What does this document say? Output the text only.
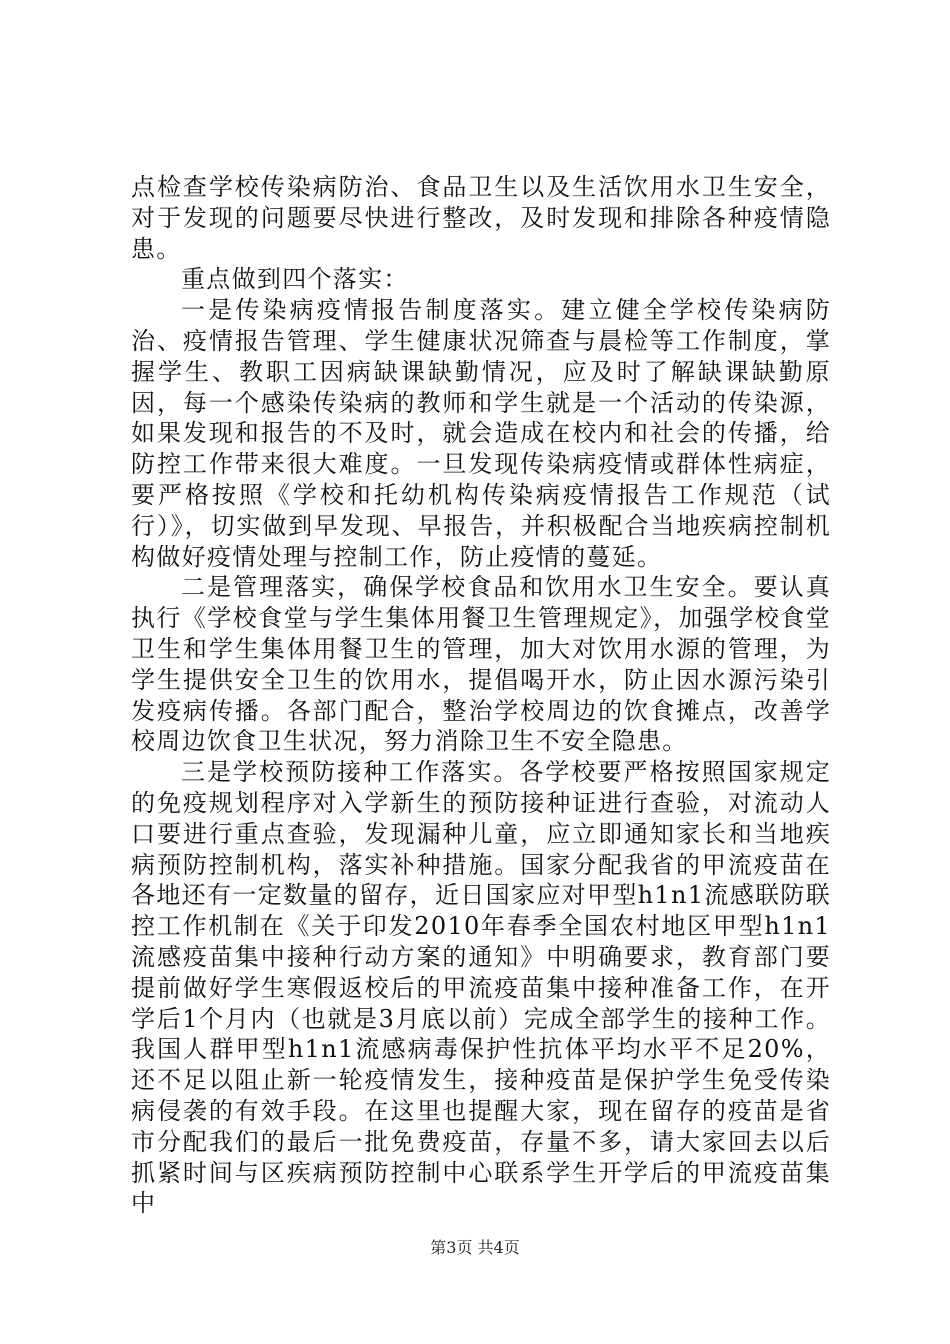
点检查学校传染病防治、食品卫生以及生活饮用水卫生安全，对于发现的问题要尽快进行整改，及时发现和排除各种疫情隐患。

重点做到四个落实：

一是传染病疫情报告制度落实。建立健全学校传染病防治、疫情报告管理、学生健康状况筛查与晨检等工作制度，掌握学生、教职工因病缺课缺勤情况，应及时了解缺课缺勤原因，每一个感染传染病的教师和学生就是一个活动的传染源，如果发现和报告的不及时，就会造成在校内和社会的传播，给防控工作带来很大难度。一旦发现传染病疫情或群体性病症，要严格按照《学校和托幼机构传染病疫情报告工作规范（试行）》，切实做到早发现、早报告，并积极配合当地疾病控制机构做好疫情处理与控制工作，防止疫情的蔓延。

二是管理落实，确保学校食品和饮用水卫生安全。要认真执行《学校食堂与学生集体用餐卫生管理规定》，加强学校食堂卫生和学生集体用餐卫生的管理，加大对饮用水源的管理，为学生提供安全卫生的饮用水，提倡喝开水，防止因水源污染引发疫病传播。各部门配合，整治学校周边的饮食摊点，改善学校周边饮食卫生状况，努力消除卫生不安全隐患。

三是学校预防接种工作落实。各学校要严格按照国家规定的免疫规划程序对入学新生的预防接种证进行查验，对流动人口要进行重点查验，发现漏种儿童，应立即通知家长和当地疾病预防控制机构，落实补种措施。国家分配我省的甲流疫苗在各地还有一定数量的留存，近日国家应对甲型h1n1流感联防联控工作机制在《关于印发2010年春季全国农村地区甲型h1n1流感疫苗集中接种行动方案的通知》中明确要求，教育部门要提前做好学生寒假返校后的甲流疫苗集中接种准备工作，在开学后1个月内（也就是3月底以前）完成全部学生的接种工作。我国人群甲型h1n1流感病毒保护性抗体平均水平不足20%，还不足以阻止新一轮疫情发生，接种疫苗是保护学生免受传染病侵袭的有效手段。在这里也提醒大家，现在留存的疫苗是省市分配我们的最后一批免费疫苗，存量不多，请大家回去以后抓紧时间与区疾病预防控制中心联系学生开学后的甲流疫苗集中

第3页 共4页
